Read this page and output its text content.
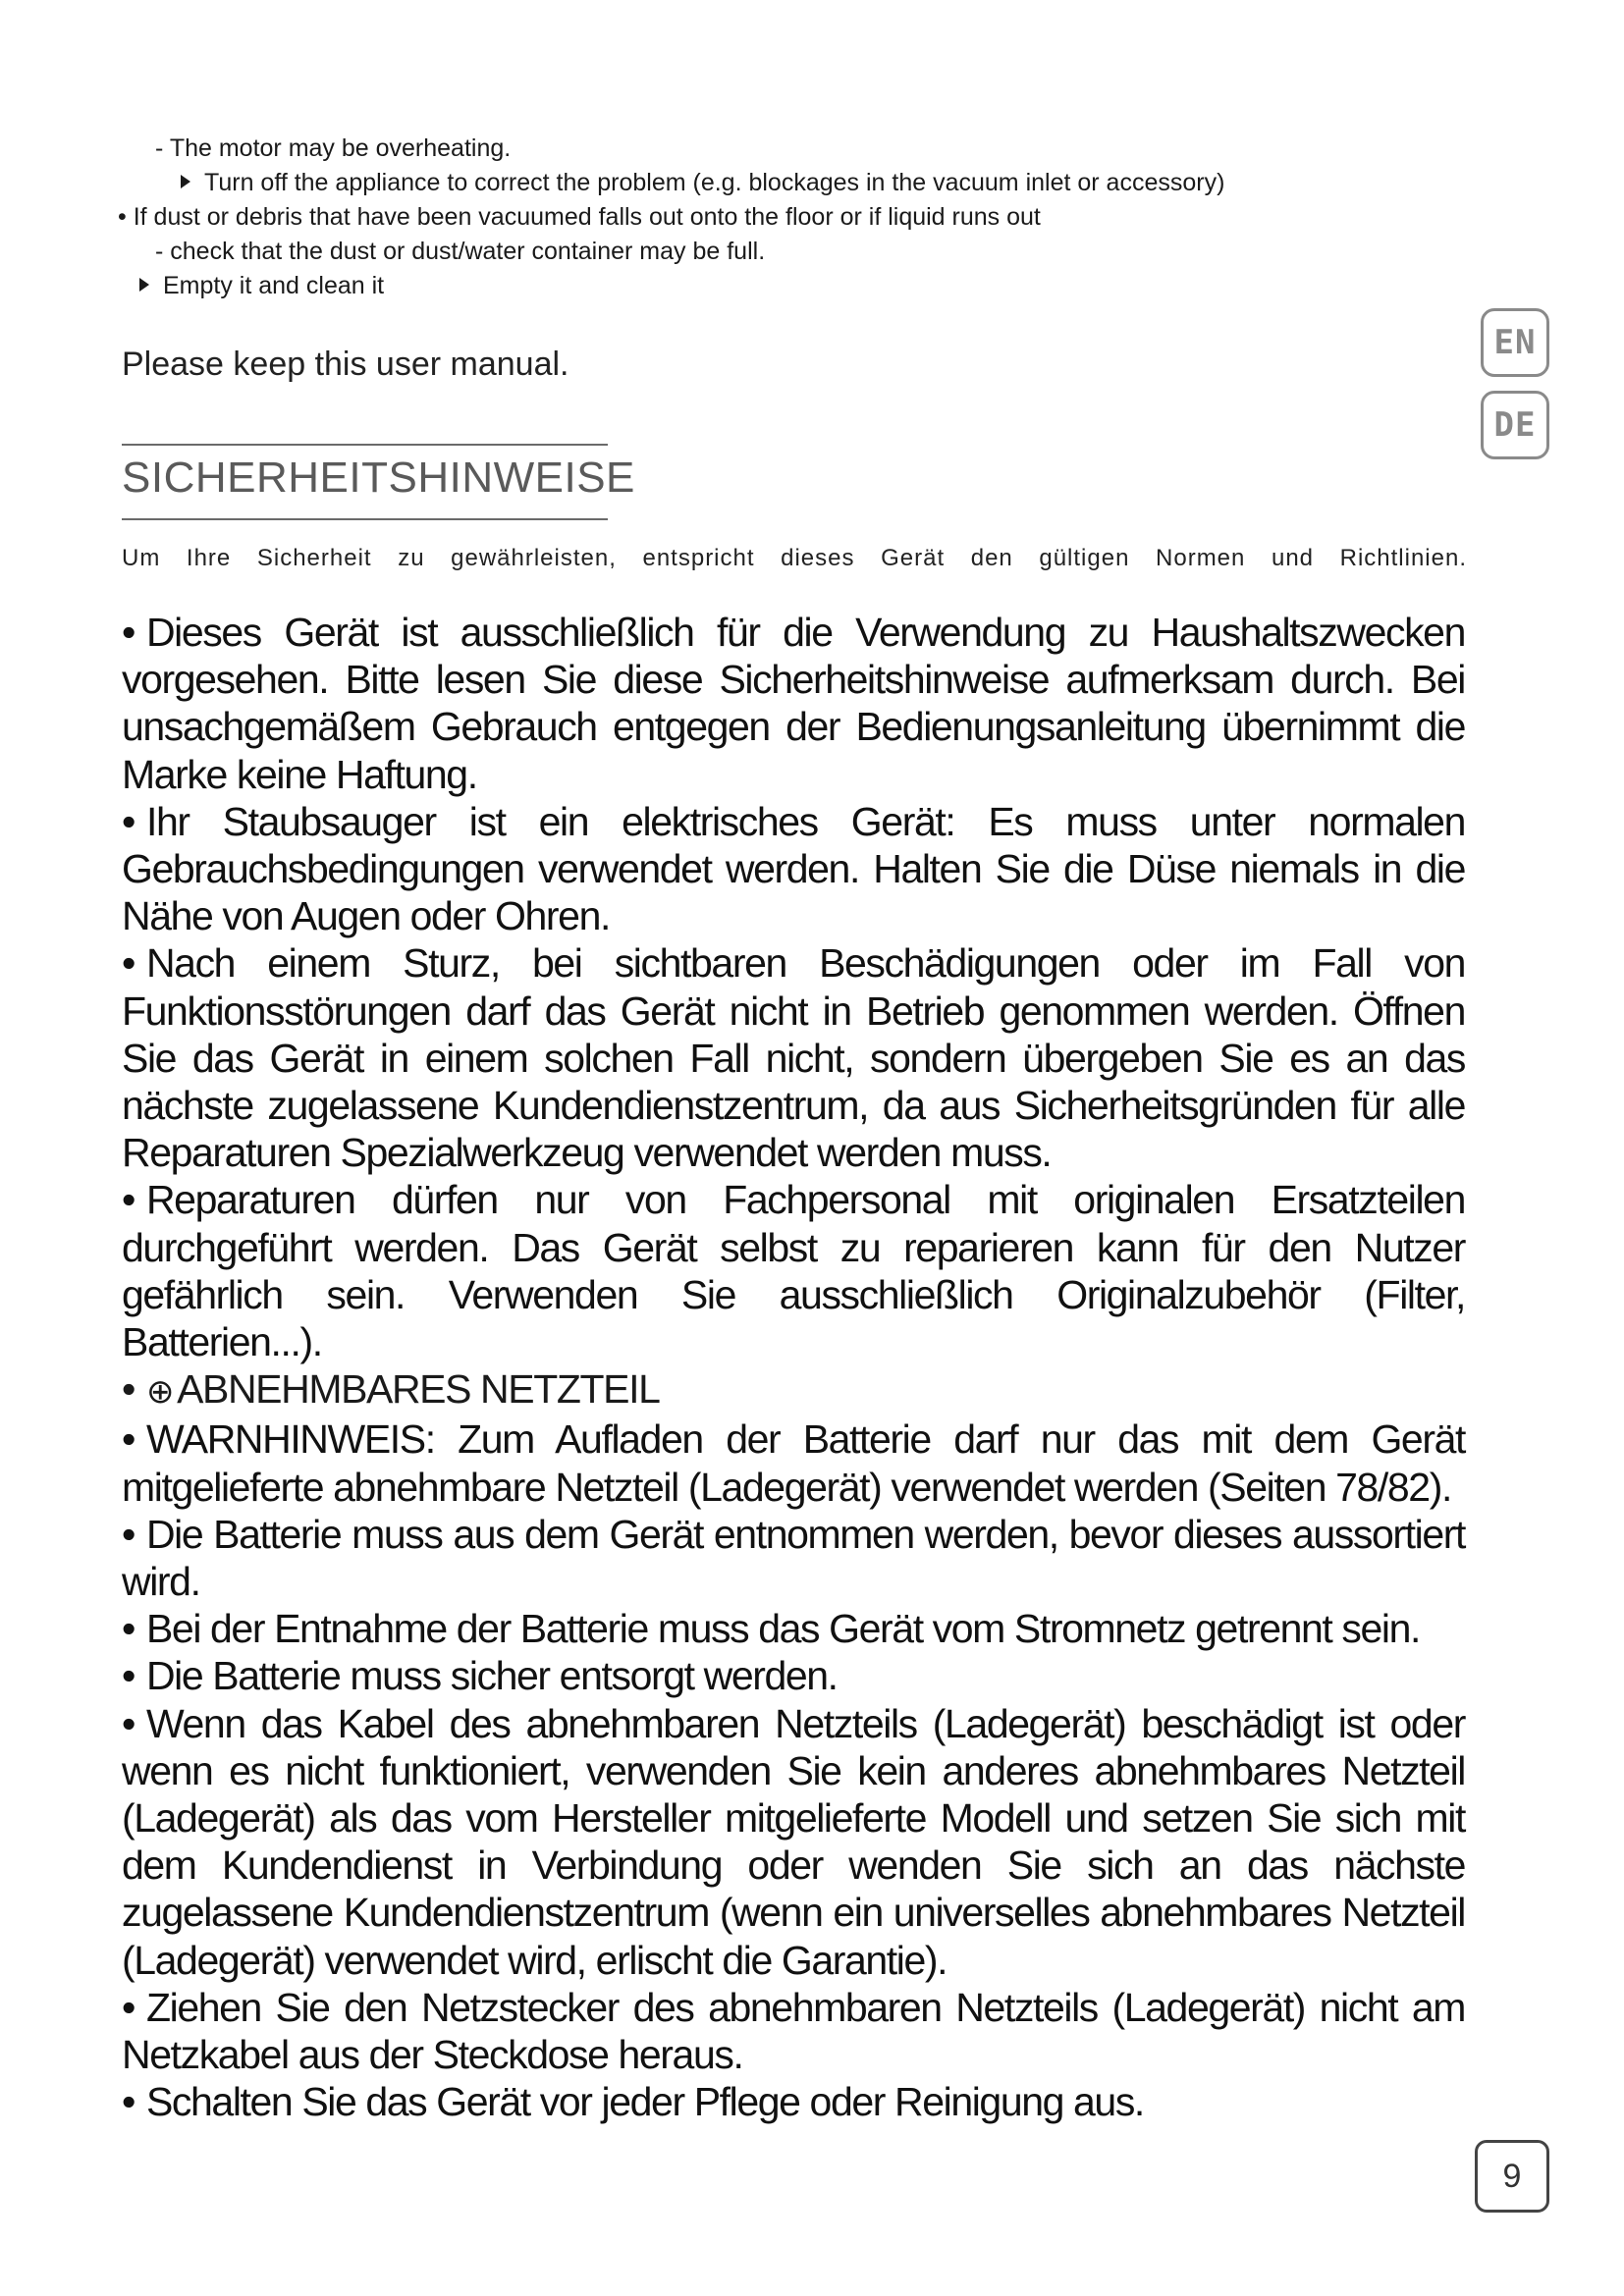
- The motor may be overheating.
Turn off the appliance to correct the problem (e.g. blockages in the vacuum inlet or accessory)
• If dust or debris that have been vacuumed falls out onto the floor or if liquid runs out
- check that the dust or dust/water container may be full.
Empty it and clean it
Please keep this user manual.
EN
DE
SICHERHEITSHINWEISE
Um Ihre Sicherheit zu gewährleisten, entspricht dieses Gerät den gültigen Normen und Richtlinien.
• Dieses Gerät ist ausschließlich für die Verwendung zu Haushaltszwecken vorgesehen. Bitte lesen Sie diese Sicherheitshinweise aufmerksam durch. Bei unsachgemäßem Gebrauch entgegen der Bedienungsanleitung übernimmt die Marke keine Haftung.
• Ihr Staubsauger ist ein elektrisches Gerät: Es muss unter normalen Gebrauchsbedingungen verwendet werden. Halten Sie die Düse niemals in die Nähe von Augen oder Ohren.
• Nach einem Sturz, bei sichtbaren Beschädigungen oder im Fall von Funktionsstörungen darf das Gerät nicht in Betrieb genommen werden. Öffnen Sie das Gerät in einem solchen Fall nicht, sondern übergeben Sie es an das nächste zugelassene Kundendienstzentrum, da aus Sicherheitsgründen für alle Reparaturen Spezialwerkzeug verwendet werden muss.
• Reparaturen dürfen nur von Fachpersonal mit originalen Ersatzteilen durchgeführt werden. Das Gerät selbst zu reparieren kann für den Nutzer gefährlich sein. Verwenden Sie ausschließlich Originalzubehör (Filter, Batterien...).
• ⊕ABNEHMBARES NETZTEIL
• WARNHINWEIS: Zum Aufladen der Batterie darf nur das mit dem Gerät mitgelieferte abnehmbare Netzteil (Ladegerät) verwendet werden (Seiten 78/82).
• Die Batterie muss aus dem Gerät entnommen werden, bevor dieses aussortiert wird.
• Bei der Entnahme der Batterie muss das Gerät vom Stromnetz getrennt sein.
• Die Batterie muss sicher entsorgt werden.
• Wenn das Kabel des abnehmbaren Netzteils (Ladegerät) beschädigt ist oder wenn es nicht funktioniert, verwenden Sie kein anderes abnehmbares Netzteil (Ladegerät) als das vom Hersteller mitgelieferte Modell und setzen Sie sich mit dem Kundendienst in Verbindung oder wenden Sie sich an das nächste zugelassene Kundendienstzentrum (wenn ein universelles abnehmbares Netzteil (Ladegerät) verwendet wird, erlischt die Garantie).
• Ziehen Sie den Netzstecker des abnehmbaren Netzteils (Ladegerät) nicht am Netzkabel aus der Steckdose heraus.
• Schalten Sie das Gerät vor jeder Pflege oder Reinigung aus.
9
